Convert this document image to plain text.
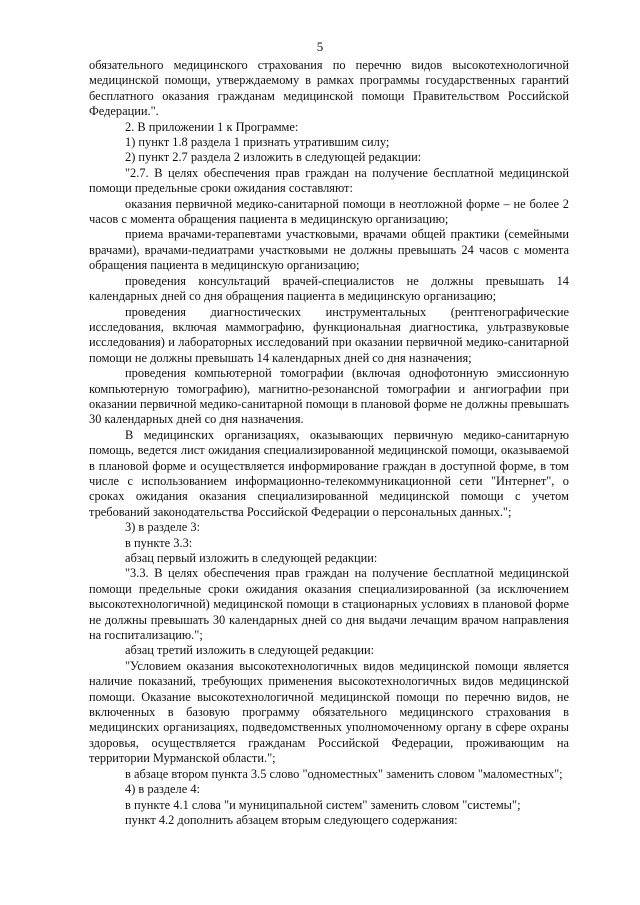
5

обязательного медицинского страхования по перечню видов высокотехнологичной медицинской помощи, утверждаемому в рамках программы государственных гарантий бесплатного оказания гражданам медицинской помощи Правительством Российской Федерации.".

2. В приложении 1 к Программе:

1) пункт 1.8 раздела 1 признать утратившим силу;

2) пункт 2.7 раздела 2 изложить в следующей редакции:

"2.7. В целях обеспечения прав граждан на получение бесплатной медицинской помощи предельные сроки ожидания составляют:

оказания первичной медико-санитарной помощи в неотложной форме – не более 2 часов с момента обращения пациента в медицинскую организацию;

приема врачами-терапевтами участковыми, врачами общей практики (семейными врачами), врачами-педиатрами участковыми не должны превышать 24 часов с момента обращения пациента в медицинскую организацию;

проведения консультаций врачей-специалистов не должны превышать 14 календарных дней со дня обращения пациента в медицинскую организацию;

проведения диагностических инструментальных (рентгенографические исследования, включая маммографию, функциональная диагностика, ультразвуковые исследования) и лабораторных исследований при оказании первичной медико-санитарной помощи не должны превышать 14 календарных дней со дня назначения;

проведения компьютерной томографии (включая однофотонную эмиссионную компьютерную томографию), магнитно-резонансной томографии и ангиографии при оказании первичной медико-санитарной помощи в плановой форме не должны превышать 30 календарных дней со дня назначения.

В медицинских организациях, оказывающих первичную медико-санитарную помощь, ведется лист ожидания специализированной медицинской помощи, оказываемой в плановой форме и осуществляется информирование граждан в доступной форме, в том числе с использованием информационно-телекоммуникационной сети "Интернет", о сроках ожидания оказания специализированной медицинской помощи с учетом требований законодательства Российской Федерации о персональных данных.";

3) в разделе 3:

в пункте 3.3:

абзац первый изложить в следующей редакции:

"3.3. В целях обеспечения прав граждан на получение бесплатной медицинской помощи предельные сроки ожидания оказания специализированной (за исключением высокотехнологичной) медицинской помощи в стационарных условиях в плановой форме не должны превышать 30 календарных дней со дня выдачи лечащим врачом направления на госпитализацию.";

абзац третий изложить в следующей редакции:

"Условием оказания высокотехнологичных видов медицинской помощи является наличие показаний, требующих применения высокотехнологичных видов медицинской помощи. Оказание высокотехнологичной медицинской помощи по перечню видов, не включенных в базовую программу обязательного медицинского страхования в медицинских организациях, подведомственных уполномоченному органу в сфере охраны здоровья, осуществляется гражданам Российской Федерации, проживающим на территории Мурманской области.";

в абзаце втором пункта 3.5 слово "одноместных" заменить словом "маломестных";

4) в разделе 4:

в пункте 4.1 слова "и муниципальной систем" заменить словом "системы";

пункт 4.2 дополнить абзацем вторым следующего содержания:
